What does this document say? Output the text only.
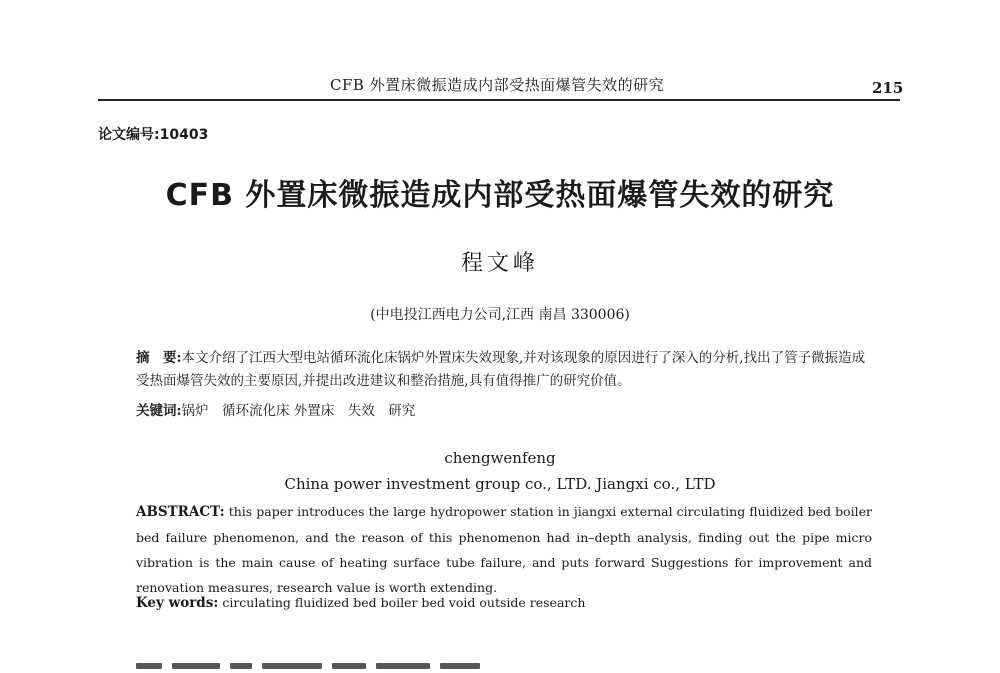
CFB 外置床微振造成内部受热面爆管失效的研究	215
论文编号:10403
CFB 外置床微振造成内部受热面爆管失效的研究
程文峰
(中电投江西电力公司,江西 南昌 330006)
摘　要:本文介绍了江西大型电站循环流化床锅炉外置床失效现象,并对该现象的原因进行了深入的分析,找出了管子微振造成受热面爆管失效的主要原因,并提出改进建议和整治措施,具有值得推广的研究价值。
关键词:锅炉　循环流化床 外置床　失效　研究
chengwenfeng
China power investment group co., LTD. Jiangxi co., LTD
ABSTRACT: this paper introduces the large hydropower station in jiangxi external circulating fluidized bed boiler bed failure phenomenon, and the reason of this phenomenon had in–depth analysis, finding out the pipe micro vibration is the main cause of heating surface tube failure, and puts forward Suggestions for improvement and renovation measures, research value is worth extending.
Key words: circulating fluidized bed boiler bed void outside research
